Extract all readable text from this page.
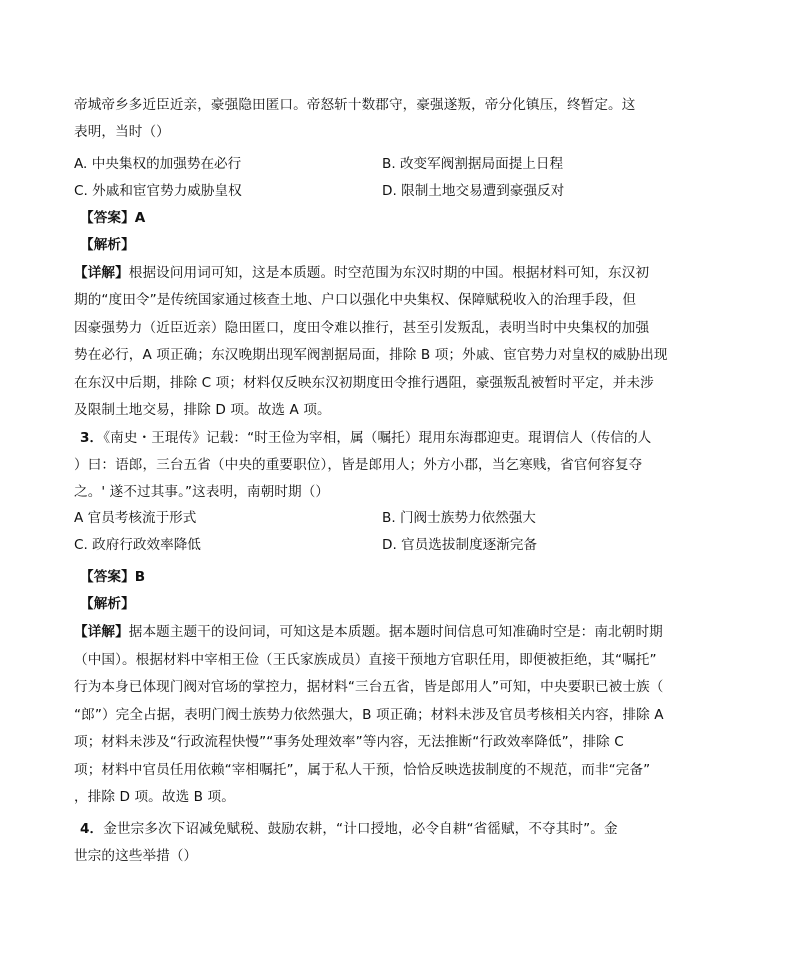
帝城帝乡多近臣近亲，豪强隐田匿口。帝怒斩十数郡守，豪强遂叛，帝分化镇压，终暂定。这
表明，当时（）
A. 中央集权的加强势在必行	B. 改变军阀割据局面提上日程
C. 外戚和宦官势力威胁皇权	D. 限制土地交易遭到豪强反对
【答案】A
【解析】
【详解】根据设问用词可知，这是本质题。时空范围为东汉时期的中国。根据材料可知，东汉初
期的“度田令”是传统国家通过核查土地、户口以强化中央集权、保障赋税收入的治理手段，但
因豪强势力（近臣近亲）隐田匿口，度田令难以推行，甚至引发叛乱，表明当时中央集权的加强
势在必行，A 项正确；东汉晚期出现军阀割据局面，排除 B 项；外戚、宦官势力对皇权的威胁出现
在东汉中后期，排除 C 项；材料仅反映东汉初期度田令推行遇阻，豪强叛乱被暂时平定，并未涉
及限制土地交易，排除 D 项。故选 A 项。
3．《南史・王琨传》记载：“时王俭为宰相，属（嘱托）琨用东海郡迎吏。琨谓信人（传信的人
）曰：语郎，三台五省（中央的重要职位），皆是郎用人；外方小郡，当乞寒贱，省官何容复夺
之。' 遂不过其事。”这表明，南朝时期（）
A 官员考核流于形式	B. 门阀士族势力依然强大
C. 政府行政效率降低	D. 官员选拔制度逐渐完备
【答案】B
【解析】
【详解】据本题主题干的设问词，可知这是本质题。据本题时间信息可知准确时空是：南北朝时期
（中国）。根据材料中宰相王俭（王氏家族成员）直接干预地方官职任用，即便被拒绝，其“嘱托”
行为本身已体现门阀对官场的掌控力，据材料“三台五省，皆是郎用人”可知，中央要职已被士族（
“郎”）完全占据，表明门阀士族势力依然强大，B 项正确；材料未涉及官员考核相关内容，排除 A
项；材料未涉及“行政流程快慢”“事务处理效率”等内容，无法推断“行政效率降低”，排除 C
项；材料中官员任用依赖“宰相嘱托”，属于私人干预，恰恰反映选拔制度的不规范，而非“完备”
，排除 D 项。故选 B 项。
4．金世宗多次下诏减免赋税、鼓励农耕，“计口授地，必令自耕“省徭赋，不夺其时”。金
世宗的这些举措（）
